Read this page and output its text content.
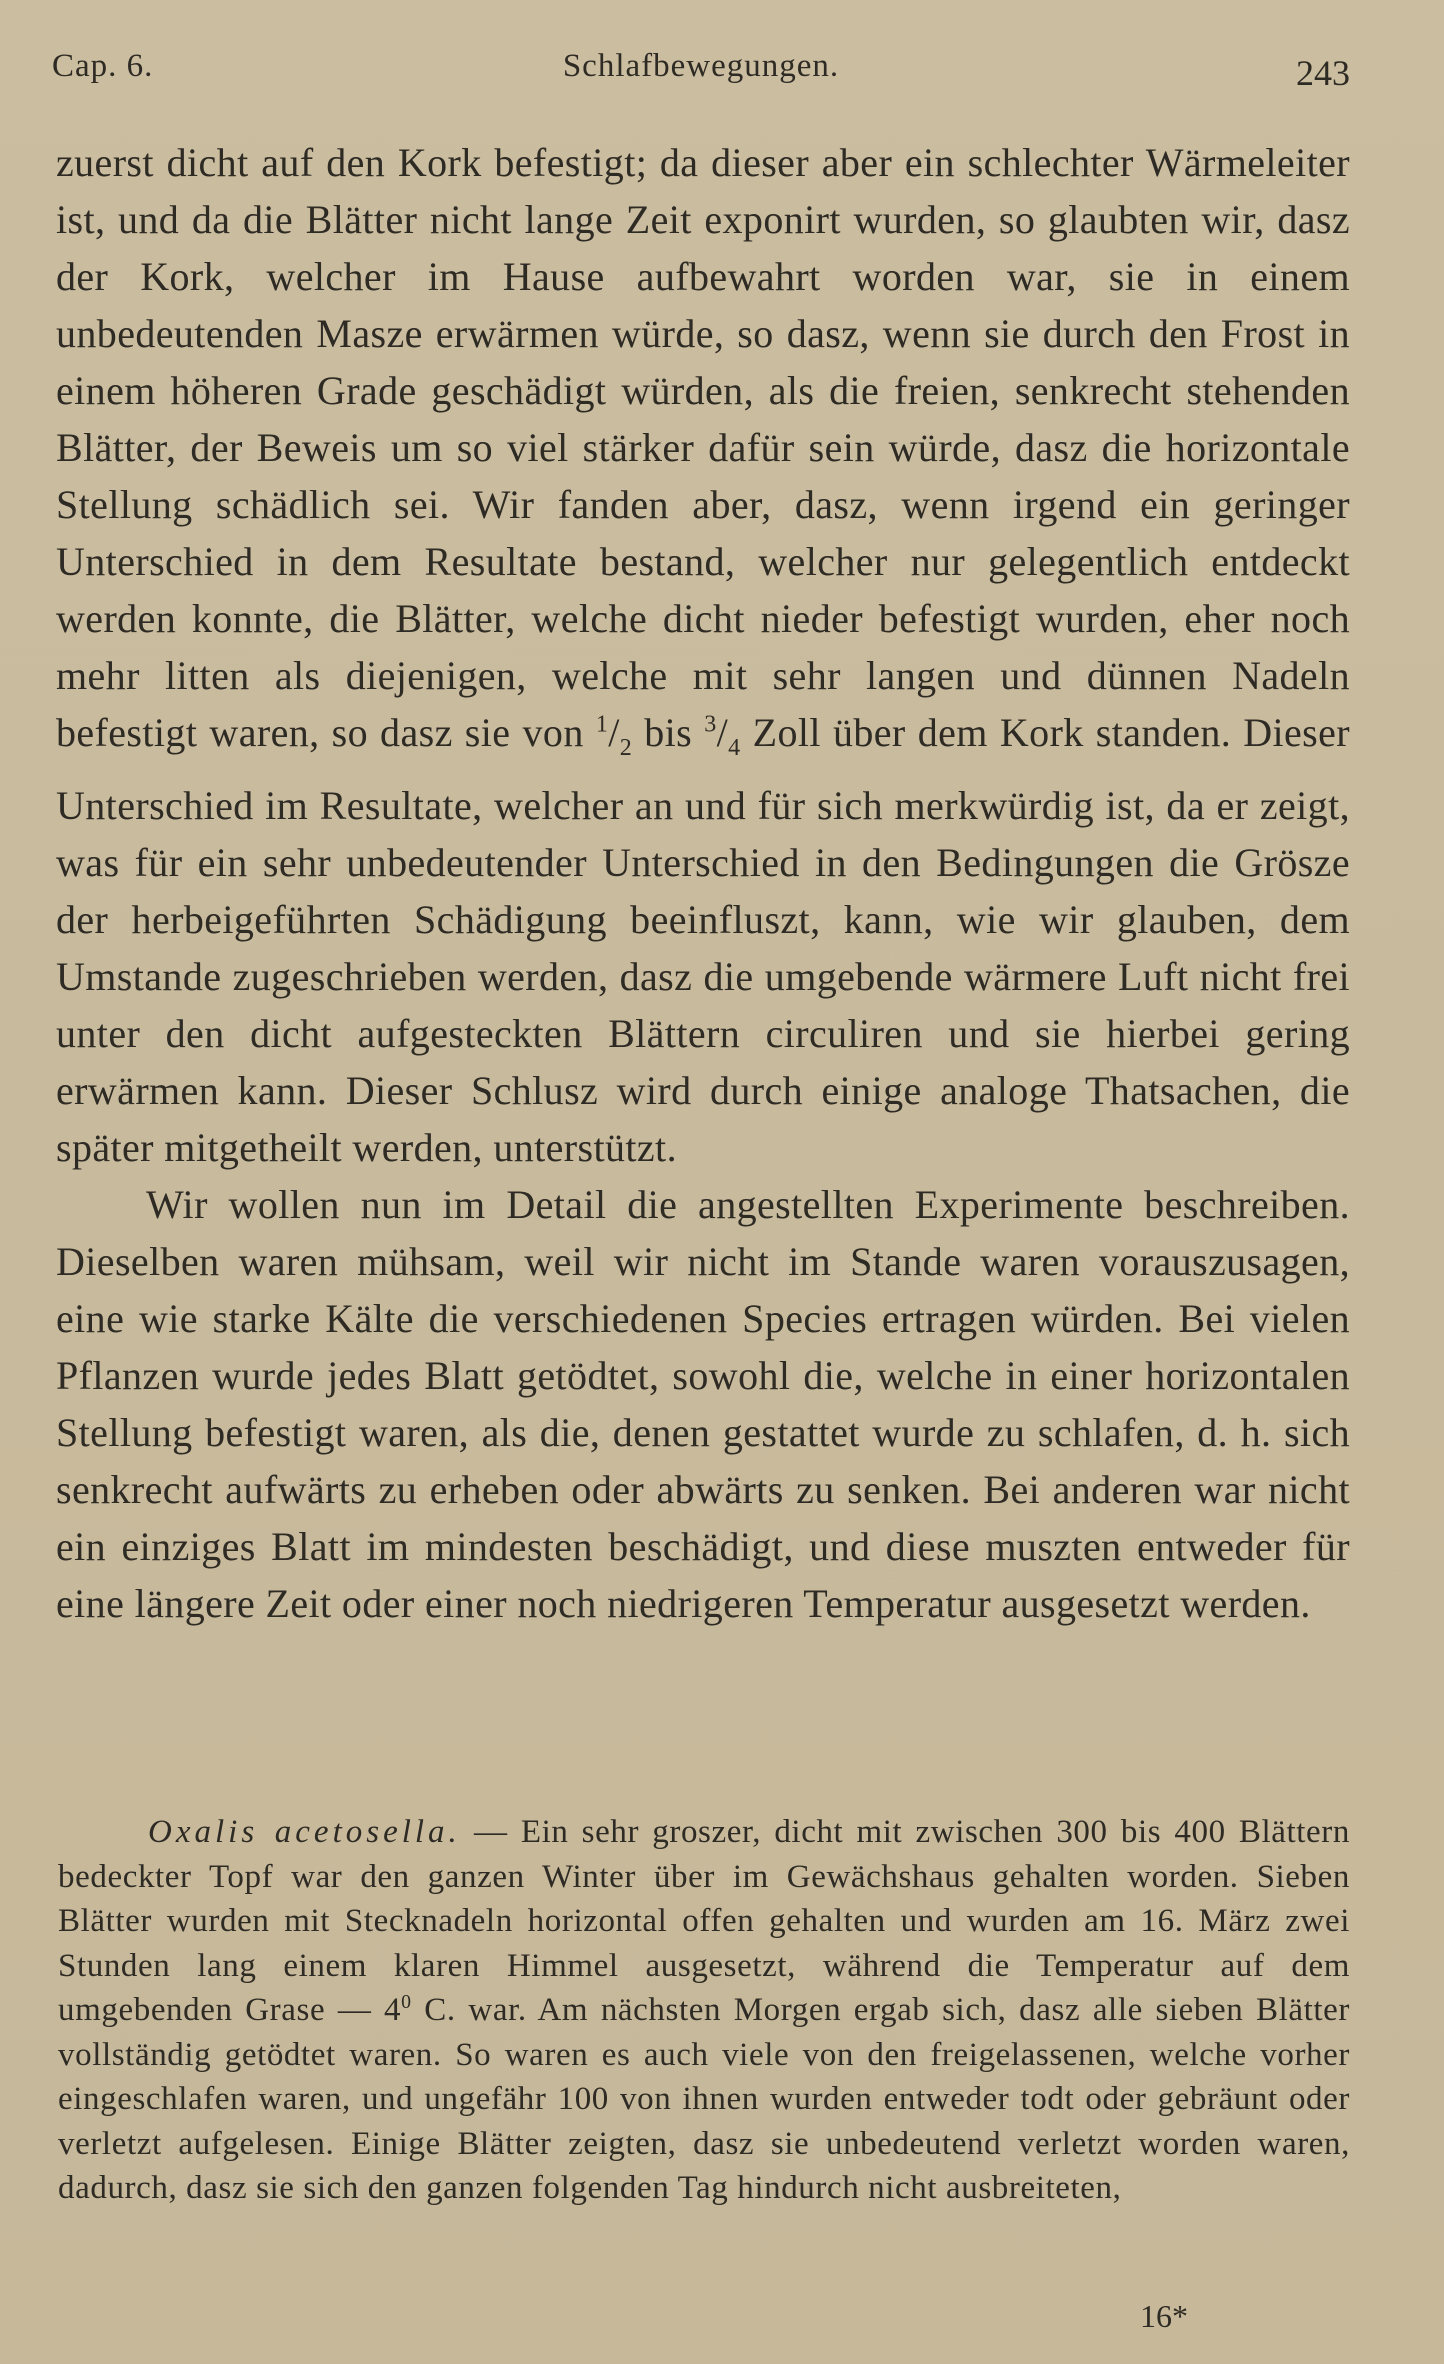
Cap. 6.	Schlafbewegungen.	243

zuerst dicht auf den Kork befestigt; da dieser aber ein schlechter Wärmeleiter ist, und da die Blätter nicht lange Zeit exponirt wurden, so glaubten wir, dasz der Kork, welcher im Hause aufbewahrt worden war, sie in einem unbedeutenden Masze erwärmen würde, so dasz, wenn sie durch den Frost in einem höheren Grade geschädigt würden, als die freien, senkrecht stehenden Blätter, der Beweis um so viel stärker dafür sein würde, dasz die horizontale Stellung schädlich sei. Wir fanden aber, dasz, wenn irgend ein geringer Unterschied in dem Resultate bestand, welcher nur gelegentlich entdeckt werden konnte, die Blätter, welche dicht nieder befestigt wurden, eher noch mehr litten als diejenigen, welche mit sehr langen und dünnen Nadeln befestigt waren, so dasz sie von $^1/_2$ bis $^3/_4$ Zoll über dem Kork standen. Dieser Unterschied im Resultate, welcher an und für sich merkwürdig ist, da er zeigt, was für ein sehr unbedeutender Unterschied in den Bedingungen die Grösze der herbeigeführten Schädigung beeinfluszt, kann, wie wir glauben, dem Umstande zugeschrieben werden, dasz die umgebende wärmere Luft nicht frei unter den dicht aufgesteckten Blättern circuliren und sie hierbei gering erwärmen kann. Dieser Schlusz wird durch einige analoge Thatsachen, die später mitgetheilt werden, unterstützt.

Wir wollen nun im Detail die angestellten Experimente beschreiben. Dieselben waren mühsam, weil wir nicht im Stande waren vorauszusagen, eine wie starke Kälte die verschiedenen Species ertragen würden. Bei vielen Pflanzen wurde jedes Blatt getödtet, sowohl die, welche in einer horizontalen Stellung befestigt waren, als die, denen gestattet wurde zu schlafen, d. h. sich senkrecht aufwärts zu erheben oder abwärts zu senken. Bei anderen war nicht ein einziges Blatt im mindesten beschädigt, und diese muszten entweder für eine längere Zeit oder einer noch niedrigeren Temperatur ausgesetzt werden.

Oxalis acetosella. — Ein sehr groszer, dicht mit zwischen 300 bis 400 Blättern bedeckter Topf war den ganzen Winter über im Gewächshaus gehalten worden. Sieben Blätter wurden mit Stecknadeln horizontal offen gehalten und wurden am 16. März zwei Stunden lang einem klaren Himmel ausgesetzt, während die Temperatur auf dem umgebenden Grase — $4^0$ C. war. Am nächsten Morgen ergab sich, dasz alle sieben Blätter vollständig getödtet waren. So waren es auch viele von den freigelassenen, welche vorher eingeschlafen waren, und ungefähr 100 von ihnen wurden entweder todt oder gebräunt oder verletzt aufgelesen. Einige Blätter zeigten, dasz sie unbedeutend verletzt worden waren, dadurch, dasz sie sich den ganzen folgenden Tag hindurch nicht ausbreiteten,

16*
